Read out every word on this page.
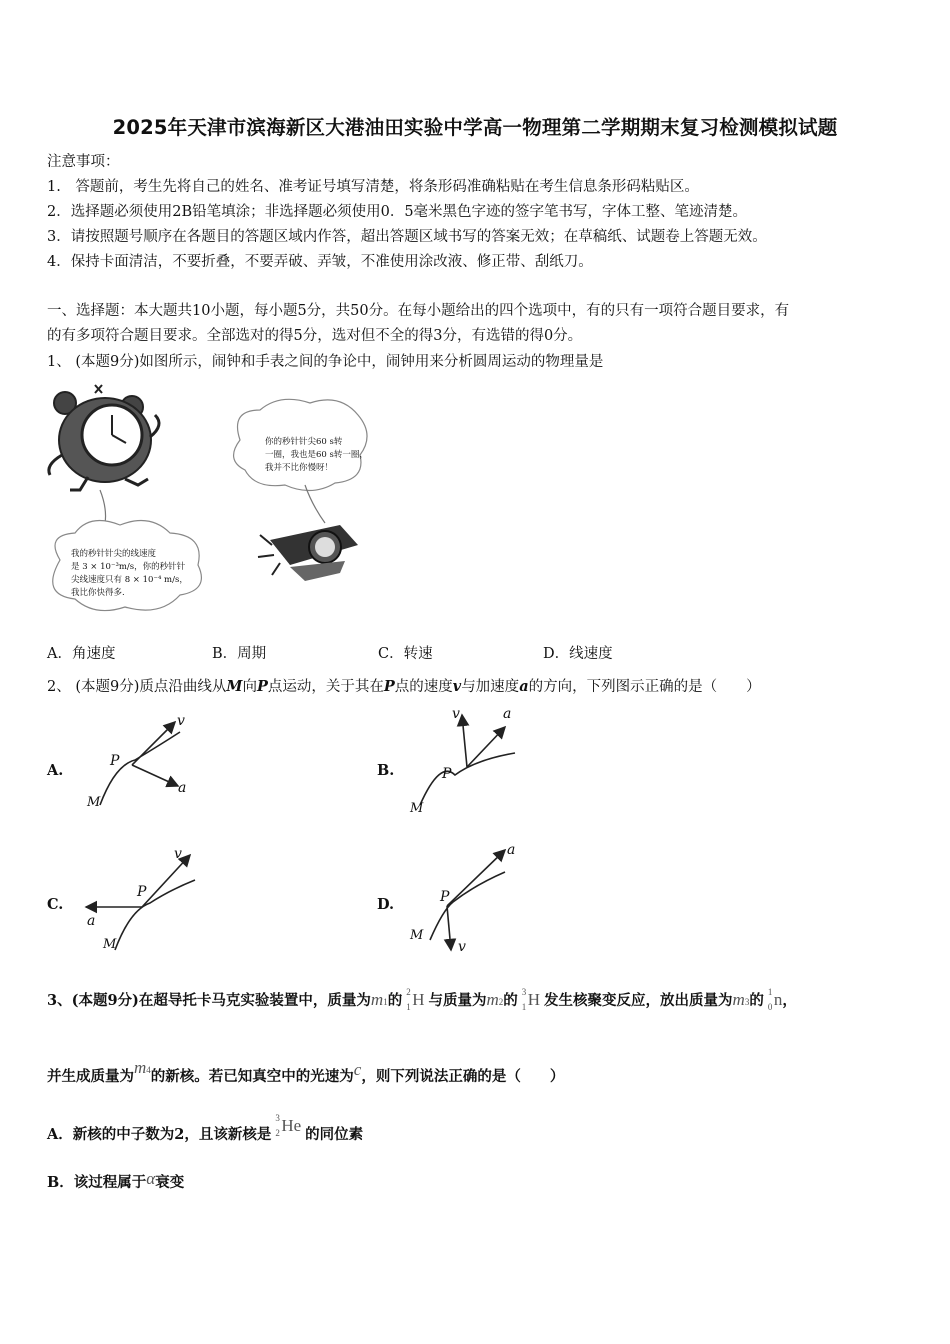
2025年天津市滨海新区大港油田实验中学高一物理第二学期期末复习检测模拟试题
注意事项：
1.　答题前，考生先将自己的姓名、准考证号填写清楚，将条形码准确粘贴在考生信息条形码粘贴区。
2．选择题必须使用2B铅笔填涂；非选择题必须使用0．5毫米黑色字迹的签字笔书写，字体工整、笔迹清楚。
3．请按照题号顺序在各题目的答题区域内作答，超出答题区域书写的答案无效；在草稿纸、试题卷上答题无效。
4．保持卡面清洁，不要折叠，不要弄破、弄皱，不准使用涂改液、修正带、刮纸刀。
一、选择题：本大题共10小题，每小题5分，共50分。在每小题给出的四个选项中，有的只有一项符合题目要求，有
的有多项符合题目要求。全部选对的得5分，选对但不全的得3分，有选错的得0分。
1、 (本题9分)如图所示，闹钟和手表之间的争论中，闹钟用来分析圆周运动的物理量是
你的秒针针尖60 s转
一圈，我也是60 s转一圈，
我并不比你慢呀！
我的秒针针尖的线速度
是 3 × 10⁻³m/s，你的秒针针
尖线速度只有 8 × 10⁻⁴ m/s，
我比你快得多.
A．角速度	B．周期	C．转速	D．线速度
2、 (本题9分)质点沿曲线从M向P点运动，关于其在P点的速度v与加速度a的方向，下列图示正确的是（　　）
A.	B.
C.	D.
P
v
a
M
P
v	a
M
P
v
a
M
P
a
v
M
3、(本题9分)在超导托卡马克实验装置中，质量为m1的 2
1 H 与质量为m2的 3
1 H 发生核聚变反应，放出质量为m3的 1
0 n，
并生成质量为m4的新核。若已知真空中的光速为c，则下列说法正确的是（　　）
A．新核的中子数为2，且该新核是
3
2 He 的同位素
B．该过程属于α衰变
